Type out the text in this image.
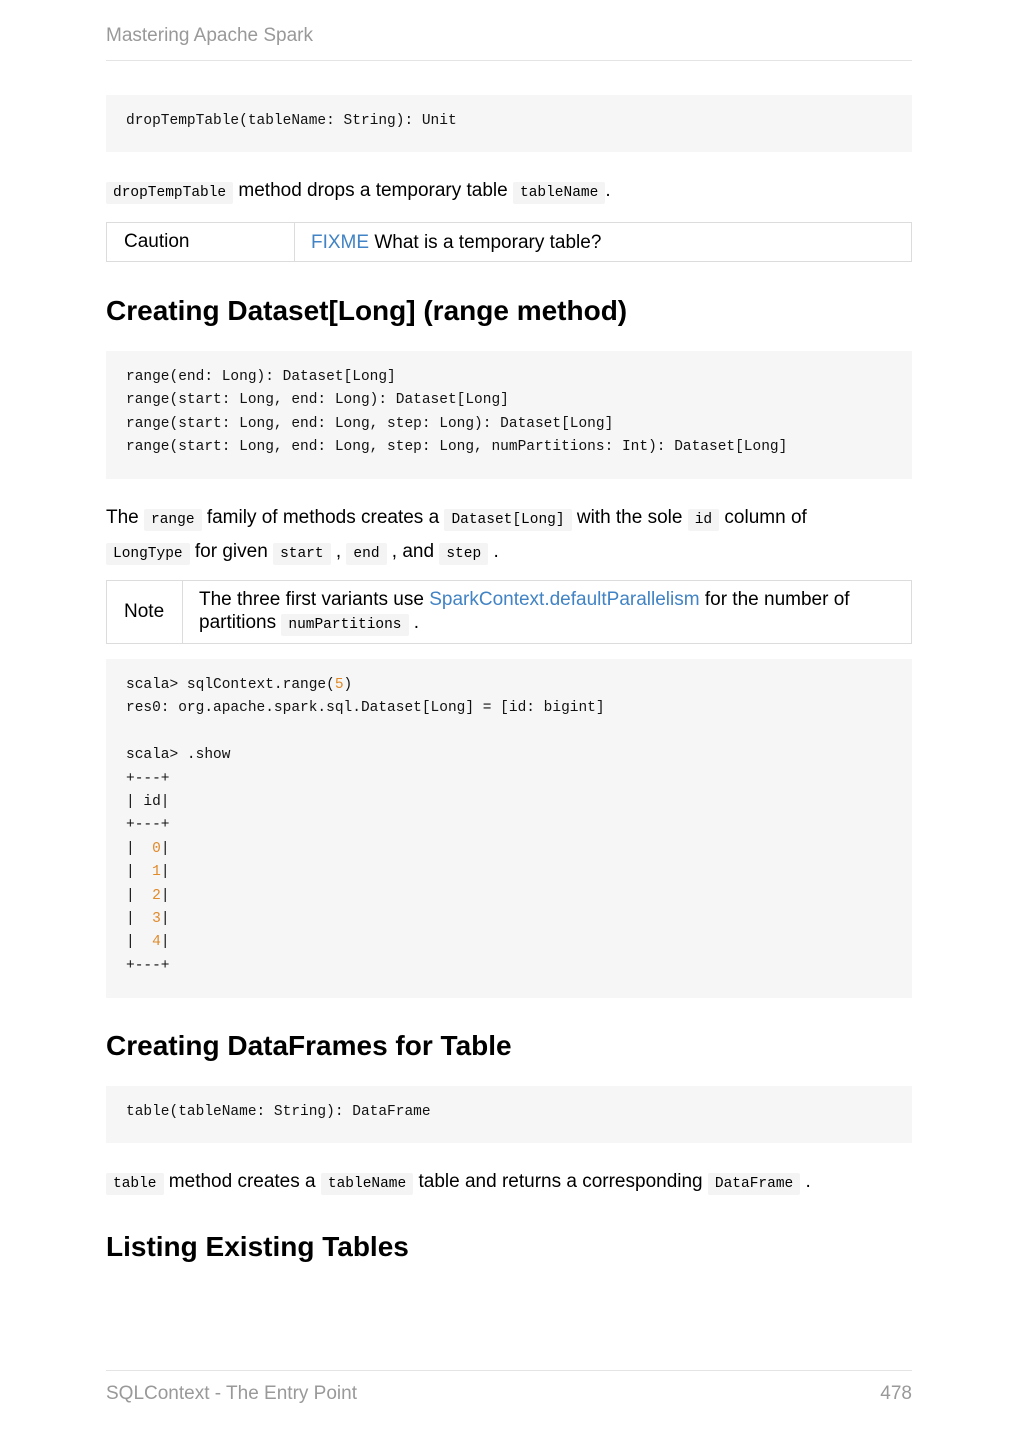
Mastering Apache Spark
dropTempTable(tableName: String): Unit
dropTempTable method drops a temporary table tableName .
Caution	FIXME What is a temporary table?
Creating Dataset[Long] (range method)
range(end: Long): Dataset[Long]
range(start: Long, end: Long): Dataset[Long]
range(start: Long, end: Long, step: Long): Dataset[Long]
range(start: Long, end: Long, step: Long, numPartitions: Int): Dataset[Long]
The range family of methods creates a Dataset[Long] with the sole id column of
LongType for given start , end , and step .
Note
The three first variants use SparkContext.defaultParallelism for the number of
partitions numPartitions .
scala> sqlContext.range(5)
res0: org.apache.spark.sql.Dataset[Long] = [id: bigint]
scala> .show
+---+
| id|
+---+
|  0|
|  1|
|  2|
|  3|
|  4|
+---+
Creating DataFrames for Table
table(tableName: String): DataFrame
table method creates a tableName table and returns a corresponding DataFrame .
Listing Existing Tables
SQLContext - The Entry Point	478
